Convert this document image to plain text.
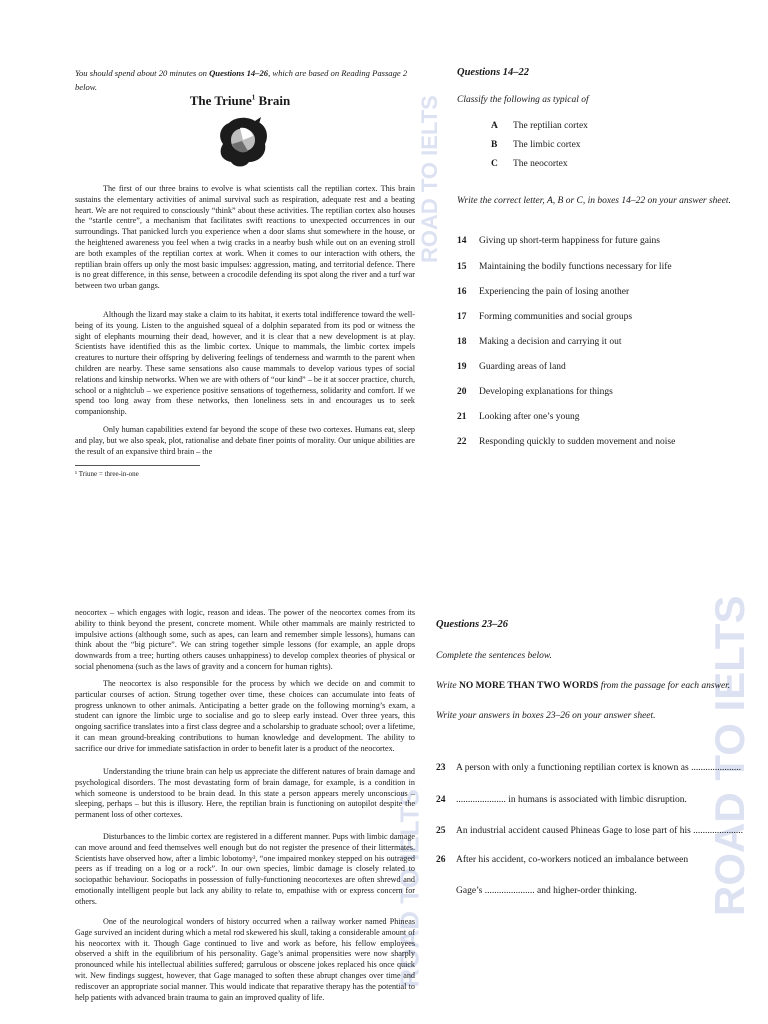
ROAD TO IELTS
You should spend about 20 minutes on Questions 14–26, which are based on Reading Passage 2 below.
The Triune$^1$ Brain

The first of our three brains to evolve is what scientists call the reptilian cortex. This brain sustains the elementary activities of animal survival such as respiration, adequate rest and a beating heart. We are not required to consciously “think” about these activities. The reptilian cortex also houses the “startle centre”, a mechanism that facilitates swift reactions to unexpected occurrences in our surroundings. That panicked lurch you experience when a door slams shut somewhere in the house, or the heightened awareness you feel when a twig cracks in a nearby bush while out on an evening stroll are both examples of the reptilian cortex at work. When it comes to our interaction with others, the reptilian brain offers up only the most basic impulses: aggression, mating, and territorial defence. There is no great difference, in this sense, between a crocodile defending its spot along the river and a turf war between two urban gangs.

Although the lizard may stake a claim to its habitat, it exerts total indifference toward the well-being of its young. Listen to the anguished squeal of a dolphin separated from its pod or witness the sight of elephants mourning their dead, however, and it is clear that a new development is at play. Scientists have identified this as the limbic cortex. Unique to mammals, the limbic cortex impels creatures to nurture their offspring by delivering feelings of tenderness and warmth to the parent when children are nearby. These same sensations also cause mammals to develop various types of social relations and kinship networks. When we are with others of “our kind” – be it at soccer practice, church, school or a nightclub – we experience positive sensations of togetherness, solidarity and comfort. If we spend too long away from these networks, then loneliness sets in and encourages us to seek companionship.

Only human capabilities extend far beyond the scope of these two cortexes. Humans eat, sleep and play, but we also speak, plot, rationalise and debate finer points of morality. Our unique abilities are the result of an expansive third brain – the

¹ Triune = three-in-one
Questions 14–22
Classify the following as typical of
A The reptilian cortex
B The limbic cortex
C The neocortex
Write the correct letter, A, B or C, in boxes 14–22 on your answer sheet.
14 Giving up short-term happiness for future gains
15 Maintaining the bodily functions necessary for life
16 Experiencing the pain of losing another
17 Forming communities and social groups
18 Making a decision and carrying it out
19 Guarding areas of land
20 Developing explanations for things
21 Looking after one’s young
22 Responding quickly to sudden movement and noise
ROAD TO IELTS	ROAD TO IELTS

neocortex – which engages with logic, reason and ideas. The power of the neocortex comes from its ability to think beyond the present, concrete moment. While other mammals are mainly restricted to impulsive actions (although some, such as apes, can learn and remember simple lessons), humans can think about the “big picture”. We can string together simple lessons (for example, an apple drops downwards from a tree; hurting others causes unhappiness) to develop complex theories of physical or social phenomena (such as the laws of gravity and a concern for human rights).

The neocortex is also responsible for the process by which we decide on and commit to particular courses of action. Strung together over time, these choices can accumulate into feats of progress unknown to other animals. Anticipating a better grade on the following morning’s exam, a student can ignore the limbic urge to socialise and go to sleep early instead. Over three years, this ongoing sacrifice translates into a first class degree and a scholarship to graduate school; over a lifetime, it can mean ground-breaking contributions to human knowledge and development. The ability to sacrifice our drive for immediate satisfaction in order to benefit later is a product of the neocortex.

Understanding the triune brain can help us appreciate the different natures of brain damage and psychological disorders. The most devastating form of brain damage, for example, is a condition in which someone is understood to be brain dead. In this state a person appears merely unconscious – sleeping, perhaps – but this is illusory. Here, the reptilian brain is functioning on autopilot despite the permanent loss of other cortexes.

Disturbances to the limbic cortex are registered in a different manner. Pups with limbic damage can move around and feed themselves well enough but do not register the presence of their littermates. Scientists have observed how, after a limbic lobotomy², “one impaired monkey stepped on his outraged peers as if treading on a log or a rock”. In our own species, limbic damage is closely related to sociopathic behaviour. Sociopaths in possession of fully-functioning neocortexes are often shrewd and emotionally intelligent people but lack any ability to relate to, empathise with or express concern for others.

One of the neurological wonders of history occurred when a railway worker named Phineas Gage survived an incident during which a metal rod skewered his skull, taking a considerable amount of his neocortex with it. Though Gage continued to live and work as before, his fellow employees observed a shift in the equilibrium of his personality. Gage’s animal propensities were now sharply pronounced while his intellectual abilities suffered; garrulous or obscene jokes replaced his once quick wit. New findings suggest, however, that Gage managed to soften these abrupt changes over time and rediscover an appropriate social manner. This would indicate that reparative therapy has the potential to help patients with advanced brain trauma to gain an improved quality of life.

Questions 23–26
Complete the sentences below.
Write NO MORE THAN TWO WORDS from the passage for each answer.
Write your answers in boxes 23–26 on your answer sheet.
23 A person with only a functioning reptilian cortex is known as .....................
24 ..................... in humans is associated with limbic disruption.
25 An industrial accident caused Phineas Gage to lose part of his .....................
26 After his accident, co-workers noticed an imbalance between
Gage’s ..................... and higher-order thinking.
